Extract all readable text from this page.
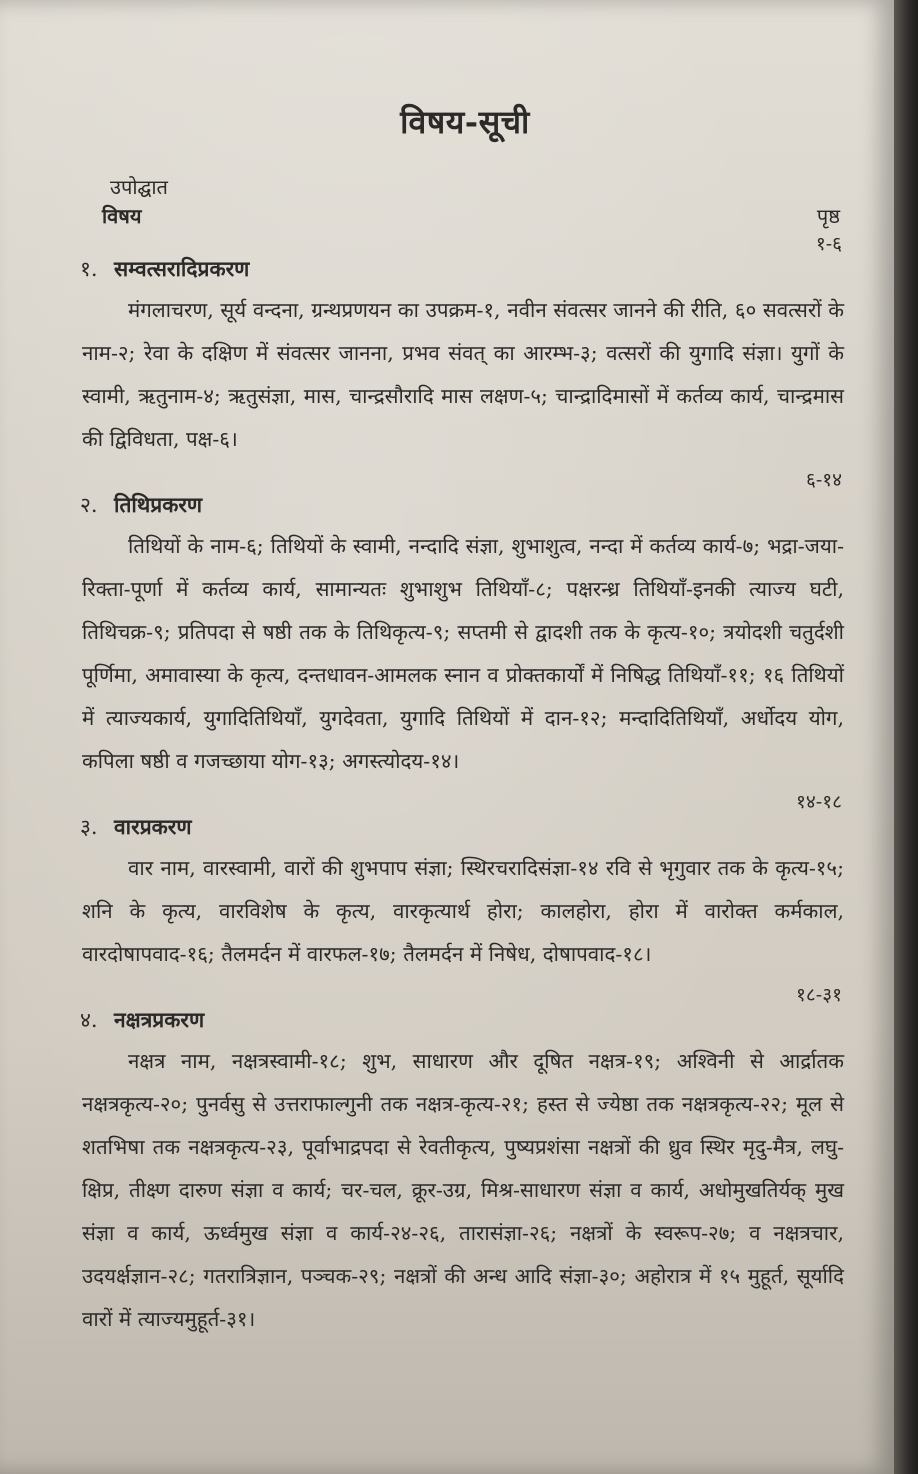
विषय-सूची
उपोद्घात
विषय	पृष्ठ
१-६
१. सम्वत्सरादिप्रकरण
मंगलाचरण, सूर्य वन्दना, ग्रन्थप्रणयन का उपक्रम-१, नवीन संवत्सर जानने की रीति, ६० सवत्सरों के नाम-२; रेवा के दक्षिण में संवत्सर जानना, प्रभव संवत् का आरम्भ-३; वत्सरों की युगादि संज्ञा। युगों के स्वामी, ऋतुनाम-४; ऋतुसंज्ञा, मास, चान्द्रसौरादि मास लक्षण-५; चान्द्रादिमासों में कर्तव्य कार्य, चान्द्रमास की द्विविधता, पक्ष-६।
६-१४
२. तिथिप्रकरण
तिथियों के नाम-६; तिथियों के स्वामी, नन्दादि संज्ञा, शुभाशुत्व, नन्दा में कर्तव्य कार्य-७; भद्रा-जया-रिक्ता-पूर्णा में कर्तव्य कार्य, सामान्यतः शुभाशुभ तिथियाँ-८; पक्षरन्ध्र तिथियाँ-इनकी त्याज्य घटी, तिथिचक्र-९; प्रतिपदा से षष्ठी तक के तिथिकृत्य-९; सप्तमी से द्वादशी तक के कृत्य-१०; त्रयोदशी चतुर्दशी पूर्णिमा, अमावास्या के कृत्य, दन्तधावन-आमलक स्नान व प्रोक्तकार्यों में निषिद्ध तिथियाँ-११; १६ तिथियों में त्याज्यकार्य, युगादितिथियाँ, युगदेवता, युगादि तिथियों में दान-१२; मन्दादितिथियाँ, अर्धोदय योग, कपिला षष्ठी व गजच्छाया योग-१३; अगस्त्योदय-१४।
१४-१८
३. वारप्रकरण
वार नाम, वारस्वामी, वारों की शुभपाप संज्ञा; स्थिरचरादिसंज्ञा-१४ रवि से भृगुवार तक के कृत्य-१५; शनि के कृत्य, वारविशेष के कृत्य, वारकृत्यार्थ होरा; कालहोरा, होरा में वारोक्त कर्मकाल, वारदोषापवाद-१६; तैलमर्दन में वारफल-१७; तैलमर्दन में निषेध, दोषापवाद-१८।
१८-३१
४. नक्षत्रप्रकरण
नक्षत्र नाम, नक्षत्रस्वामी-१८; शुभ, साधारण और दूषित नक्षत्र-१९; अश्विनी से आर्द्रातक नक्षत्रकृत्य-२०; पुनर्वसु से उत्तराफाल्गुनी तक नक्षत्र-कृत्य-२१; हस्त से ज्येष्ठा तक नक्षत्रकृत्य-२२; मूल से शतभिषा तक नक्षत्रकृत्य-२३, पूर्वाभाद्रपदा से रेवतीकृत्य, पुष्यप्रशंसा नक्षत्रों की ध्रुव स्थिर मृदु-मैत्र, लघु-क्षिप्र, तीक्ष्ण दारुण संज्ञा व कार्य; चर-चल, क्रूर-उग्र, मिश्र-साधारण संज्ञा व कार्य, अधोमुखतिर्यक् मुख संज्ञा व कार्य, ऊर्ध्वमुख संज्ञा व कार्य-२४-२६, तारासंज्ञा-२६; नक्षत्रों के स्वरूप-२७; व नक्षत्रचार, उदयर्क्षज्ञान-२८; गतरात्रिज्ञान, पञ्चक-२९; नक्षत्रों की अन्ध आदि संज्ञा-३०; अहोरात्र में १५ मुहूर्त, सूर्यादि वारों में त्याज्यमुहूर्त-३१।
